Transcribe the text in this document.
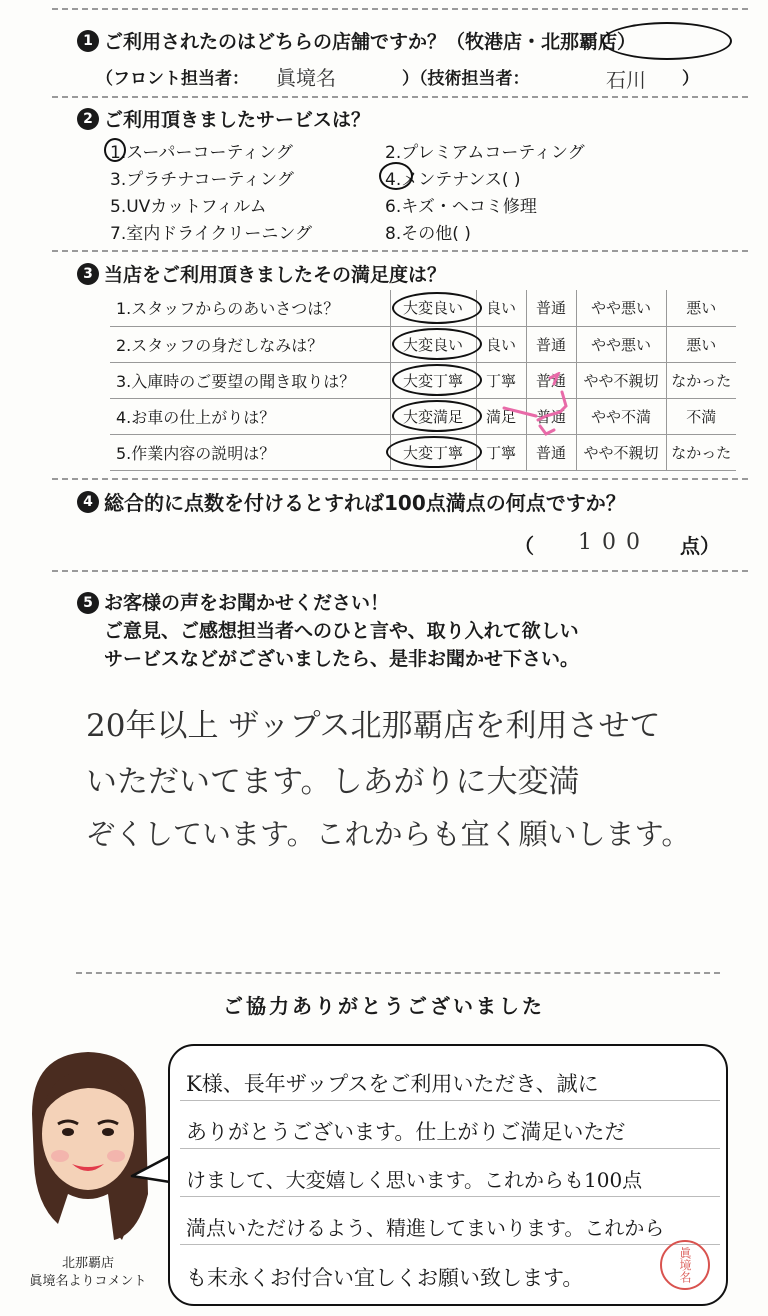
1 ご利用されたのはどちらの店舗ですか？（牧港店・北那覇店）
（フロント担当者： 眞境名	）（技術担当者：	石川 ）
2 ご利用頂きましたサービスは？
1.スーパーコーティング	2.プレミアムコーティング
3.プラチナコーティング	4.メンテナンス( )
5.UVカットフィルム	6.キズ・ヘコミ修理
7.室内ドライクリーニング	8.その他( )
3 当店をご利用頂きましたその満足度は？
1.スタッフからのあいさつは？	大変良い	良い	普通	やや悪い	悪い
2.スタッフの身だしなみは？	大変良い	良い	普通	やや悪い	悪い
3.入庫時のご要望の聞き取りは？	大変丁寧	丁寧	普通	やや不親切	なかった
4.お車の仕上がりは？	大変満足	満足	普通	やや不満	不満
5.作業内容の説明は？	大変丁寧	丁寧	普通	やや不親切	なかった
4 総合的に点数を付けるとすれば100点満点の何点ですか？
（ 100 点）
5 お客様の声をお聞かせください！
ご意見、ご感想担当者へのひと言や、取り入れて欲しい
サービスなどがございましたら、是非お聞かせ下さい。
20年以上 ザップス北那覇店を利用させて
いただいてます。しあがりに大変満
ぞくしています。これからも宜く願いします。
ご協力ありがとうございました
北那覇店
眞境名よりコメント
K様、長年ザップスをご利用いただき、誠に
ありがとうございます。仕上がりご満足いただ
けまして、大変嬉しく思います。これからも100点
満点いただけるよう、精進してまいります。これから
も末永くお付合い宜しくお願い致します。	眞境名
